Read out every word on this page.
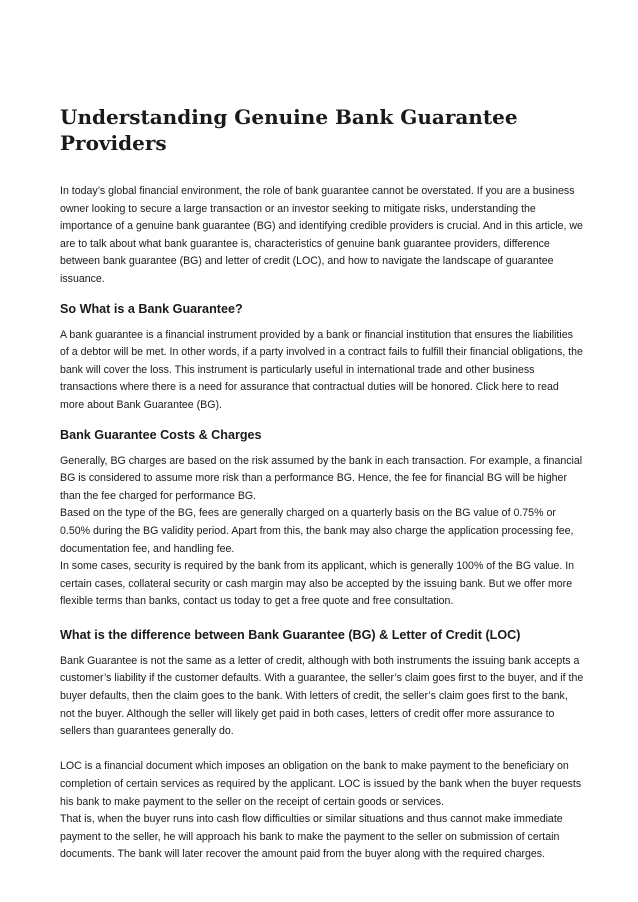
Understanding Genuine Bank Guarantee Providers

In today’s global financial environment, the role of bank guarantee cannot be overstated. If you are a business owner looking to secure a large transaction or an investor seeking to mitigate risks, understanding the importance of a genuine bank guarantee (BG) and identifying credible providers is crucial. And in this article, we are to talk about what bank guarantee is, characteristics of genuine bank guarantee providers, difference between bank guarantee (BG) and letter of credit (LOC), and how to navigate the landscape of guarantee issuance.

So What is a Bank Guarantee?

A bank guarantee is a financial instrument provided by a bank or financial institution that ensures the liabilities of a debtor will be met. In other words, if a party involved in a contract fails to fulfill their financial obligations, the bank will cover the loss. This instrument is particularly useful in international trade and other business transactions where there is a need for assurance that contractual duties will be honored. Click here to read more about Bank Guarantee (BG).

Bank Guarantee Costs & Charges

Generally, BG charges are based on the risk assumed by the bank in each transaction. For example, a financial BG is considered to assume more risk than a performance BG. Hence, the fee for financial BG will be higher than the fee charged for performance BG.

Based on the type of the BG, fees are generally charged on a quarterly basis on the BG value of 0.75% or 0.50% during the BG validity period. Apart from this, the bank may also charge the application processing fee, documentation fee, and handling fee.

In some cases, security is required by the bank from its applicant, which is generally 100% of the BG value. In certain cases, collateral security or cash margin may also be accepted by the issuing bank. But we offer more flexible terms than banks, contact us today to get a free quote and free consultation.

What is the difference between Bank Guarantee (BG) & Letter of Credit (LOC)

Bank Guarantee is not the same as a letter of credit, although with both instruments the issuing bank accepts a customer’s liability if the customer defaults. With a guarantee, the seller’s claim goes first to the buyer, and if the buyer defaults, then the claim goes to the bank. With letters of credit, the seller’s claim goes first to the bank, not the buyer. Although the seller will likely get paid in both cases, letters of credit offer more assurance to sellers than guarantees generally do.

LOC is a financial document which imposes an obligation on the bank to make payment to the beneficiary on completion of certain services as required by the applicant. LOC is issued by the bank when the buyer requests his bank to make payment to the seller on the receipt of certain goods or services.

That is, when the buyer runs into cash flow difficulties or similar situations and thus cannot make immediate payment to the seller, he will approach his bank to make the payment to the seller on submission of certain documents. The bank will later recover the amount paid from the buyer along with the required charges.
